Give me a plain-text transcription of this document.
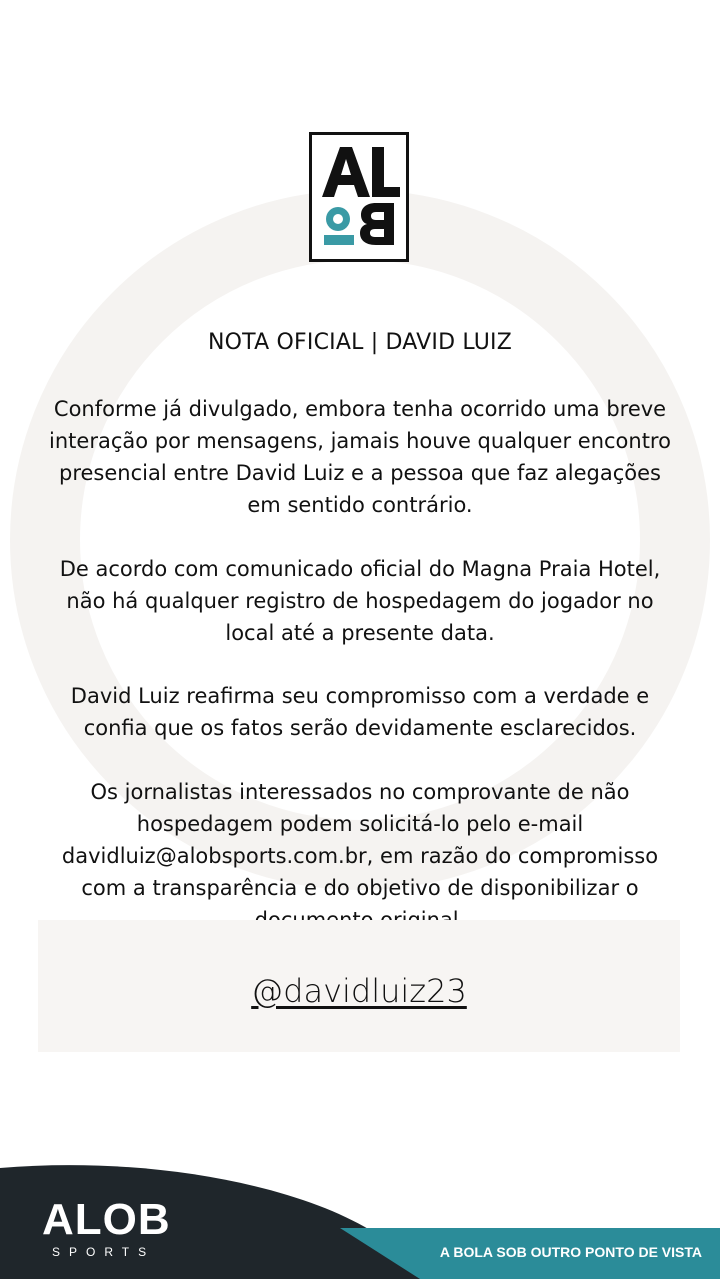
NOTA OFICIAL | DAVID LUIZ
Conforme já divulgado, embora tenha ocorrido uma breve interação por mensagens, jamais houve qualquer encontro presencial entre David Luiz e a pessoa que faz alegações em sentido contrário.
De acordo com comunicado oficial do Magna Praia Hotel, não há qualquer registro de hospedagem do jogador no local até a presente data.
David Luiz reafirma seu compromisso com a verdade e confia que os fatos serão devidamente esclarecidos.
Os jornalistas interessados no comprovante de não hospedagem podem solicitá-lo pelo e-mail davidluiz@alobsports.com.br, em razão do compromisso com a transparência e do objetivo de disponibilizar o
@davidluiz23
ALOB
SPORTS	A BOLA SOB OUTRO PONTO DE VISTA
